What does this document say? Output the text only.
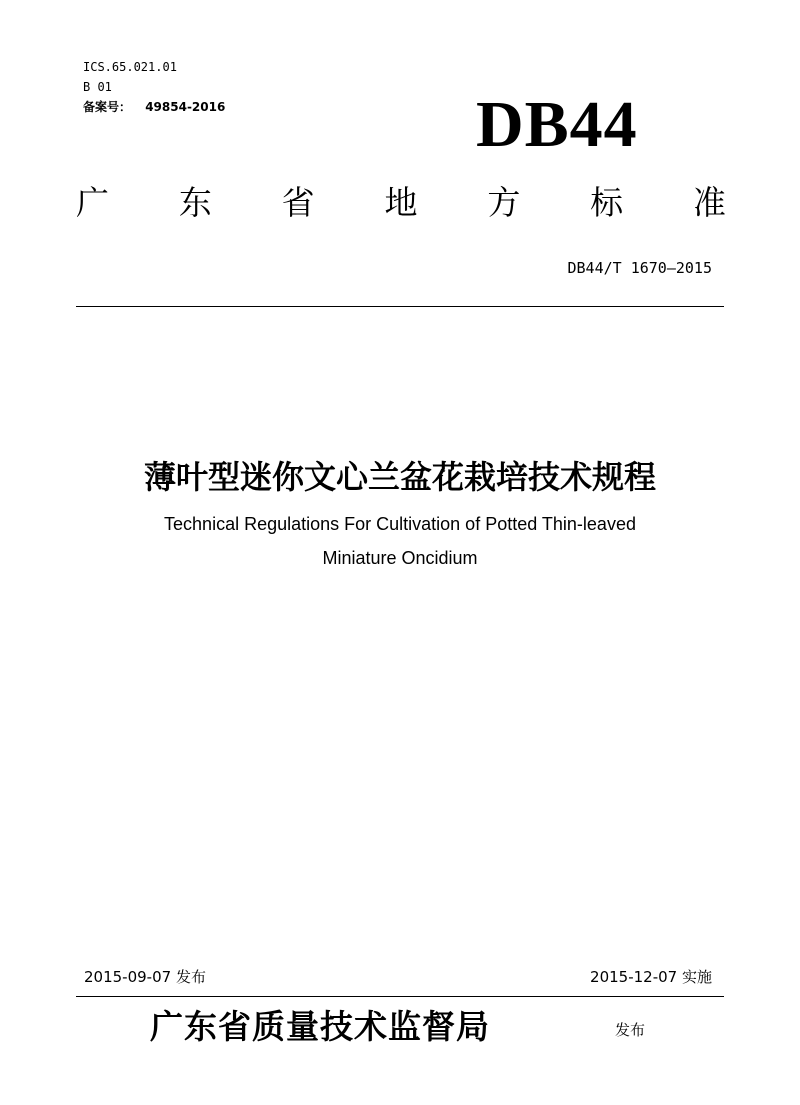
ICS.65.021.01
B 01
备案号： 49854-2016	DB44
广 东 省 地 方 标 准
DB44/T 1670—2015
薄叶型迷你文心兰盆花栽培技术规程
Technical Regulations For Cultivation of Potted Thin-leaved
Miniature Oncidium
2015-09-07 发布	2015-12-07 实施
广东省质量技术监督局	发布
